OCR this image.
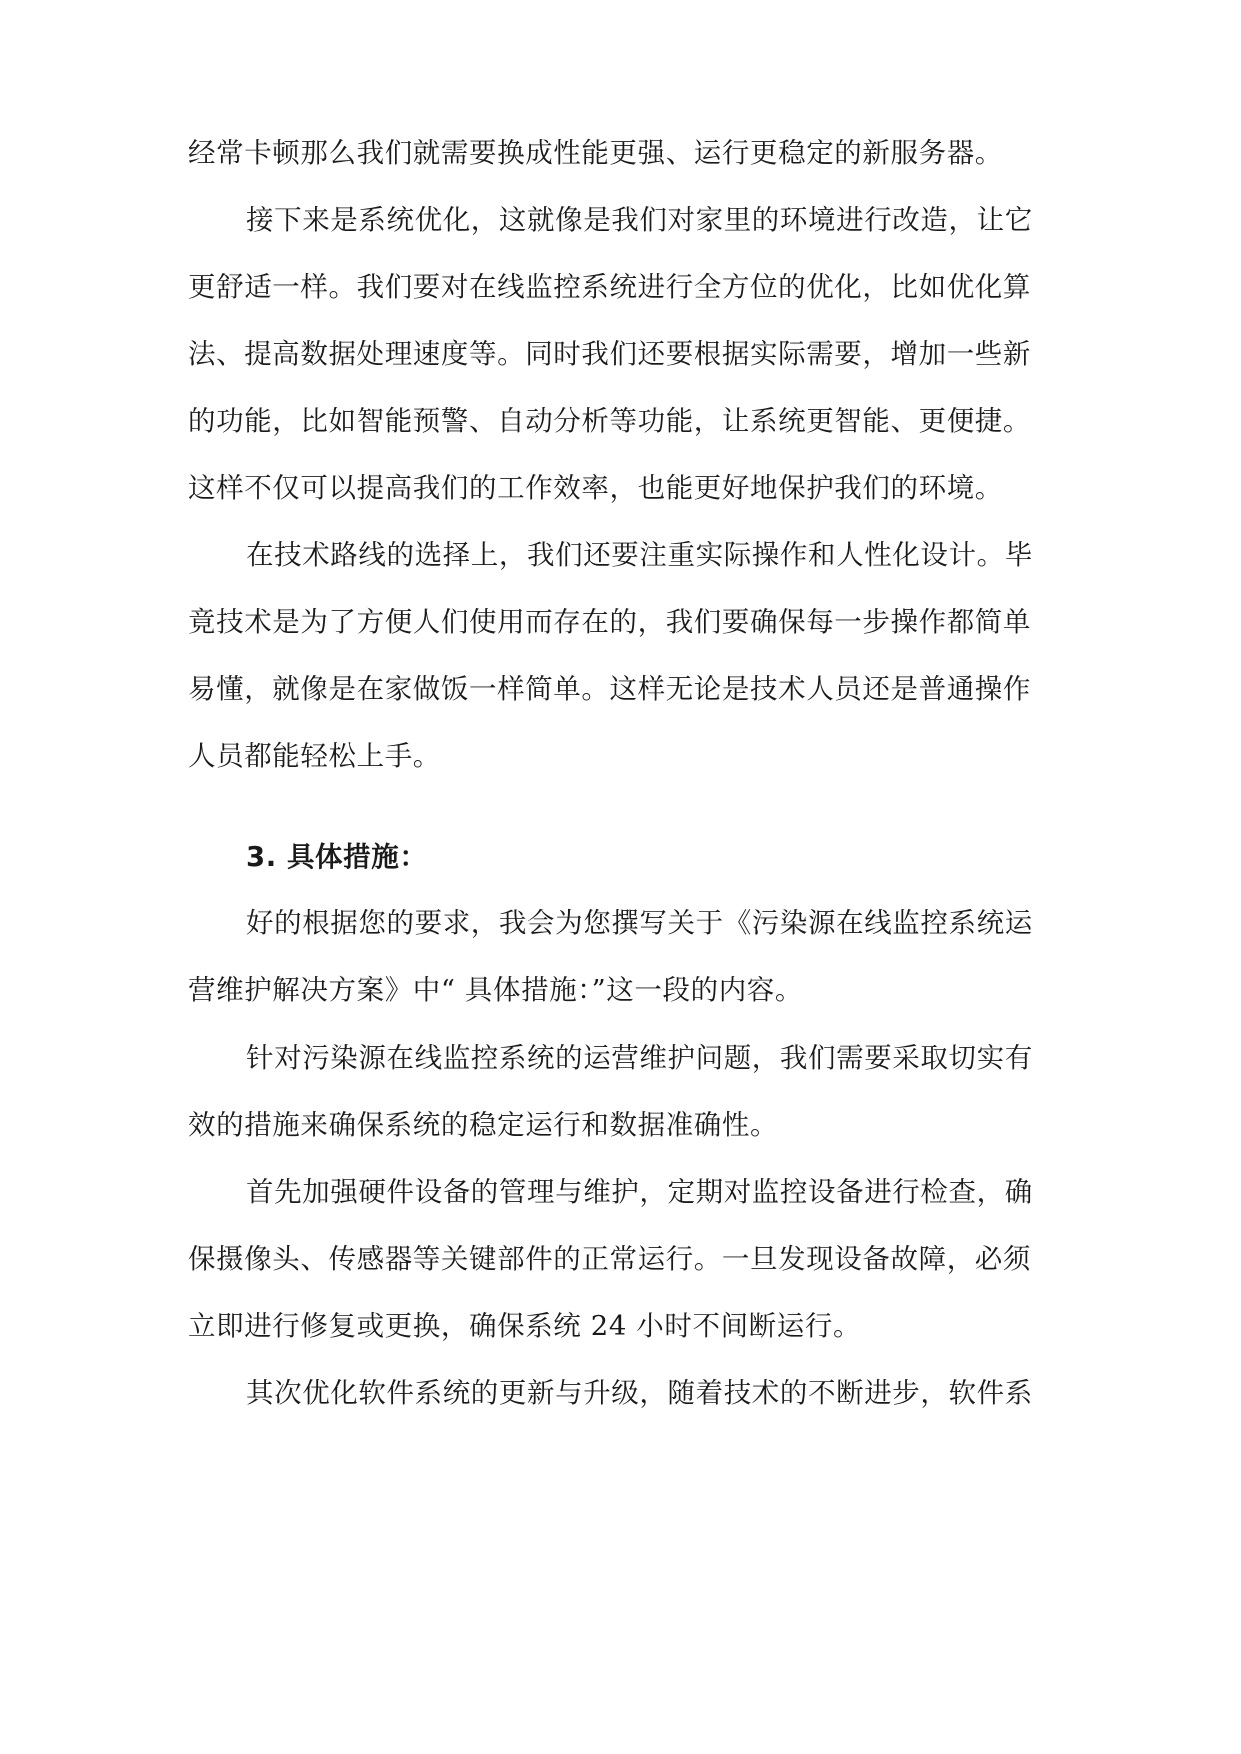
经常卡顿那么我们就需要换成性能更强、运行更稳定的新服务器。
接下来是系统优化，这就像是我们对家里的环境进行改造，让它
更舒适一样。我们要对在线监控系统进行全方位的优化，比如优化算
法、提高数据处理速度等。同时我们还要根据实际需要，增加一些新
的功能，比如智能预警、自动分析等功能，让系统更智能、更便捷。
这样不仅可以提高我们的工作效率，也能更好地保护我们的环境。
在技术路线的选择上，我们还要注重实际操作和人性化设计。毕
竟技术是为了方便人们使用而存在的，我们要确保每一步操作都简单
易懂，就像是在家做饭一样简单。这样无论是技术人员还是普通操作
人员都能轻松上手。
3. 具体措施：
好的根据您的要求，我会为您撰写关于《污染源在线监控系统运
营维护解决方案》中“ 具体措施：”这一段的内容。
针对污染源在线监控系统的运营维护问题，我们需要采取切实有
效的措施来确保系统的稳定运行和数据准确性。
首先加强硬件设备的管理与维护，定期对监控设备进行检查，确
保摄像头、传感器等关键部件的正常运行。一旦发现设备故障，必须
立即进行修复或更换，确保系统 24 小时不间断运行。
其次优化软件系统的更新与升级，随着技术的不断进步，软件系
